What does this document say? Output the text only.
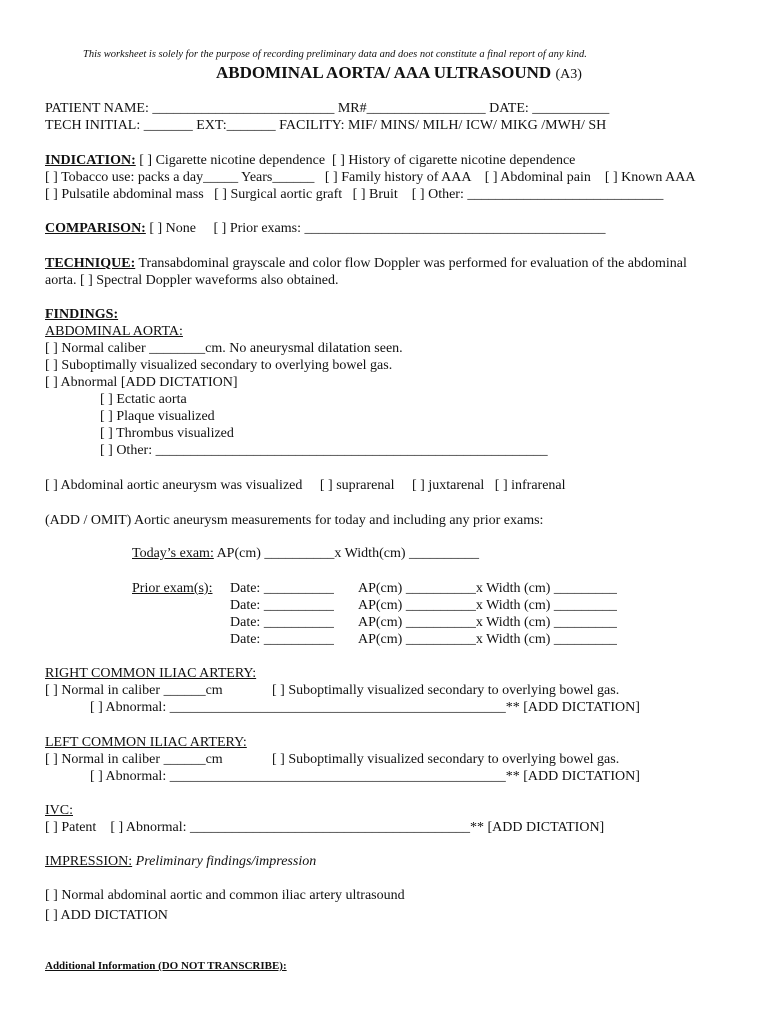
This worksheet is solely for the purpose of recording preliminary data and does not constitute a final report of any kind.
ABDOMINAL AORTA/ AAA ULTRASOUND (A3)
PATIENT NAME: __________________________ MR#_________________ DATE: ___________
TECH INITIAL: _______ EXT:_______ FACILITY: MIF/ MINS/ MILH/ ICW/ MIKG /MWH/ SH
INDICATION: [ ] Cigarette nicotine dependence  [ ] History of cigarette nicotine dependence
[ ] Tobacco use: packs a day_____ Years______   [ ] Family history of AAA    [ ] Abdominal pain    [ ] Known AAA
[ ] Pulsatile abdominal mass   [ ] Surgical aortic graft   [ ] Bruit    [ ] Other: ____________________________
COMPARISON: [ ] None     [ ] Prior exams: ___________________________________________
TECHNIQUE: Transabdominal grayscale and color flow Doppler was performed for evaluation of the abdominal
aorta. [ ] Spectral Doppler waveforms also obtained.
FINDINGS:
ABDOMINAL AORTA:
[ ] Normal caliber ________cm. No aneurysmal dilatation seen.
[ ] Suboptimally visualized secondary to overlying bowel gas.
[ ] Abnormal [ADD DICTATION]
[ ] Ectatic aorta
[ ] Plaque visualized
[ ] Thrombus visualized
[ ] Other: ________________________________________________________
[ ] Abdominal aortic aneurysm was visualized     [ ] suprarenal     [ ] juxtarenal   [ ] infrarenal
(ADD / OMIT) Aortic aneurysm measurements for today and including any prior exams:
Today’s exam: AP(cm) __________x Width(cm) __________
Prior exam(s): Date: __________ AP(cm) __________x Width (cm) _________
Date: __________ AP(cm) __________x Width (cm) _________
Date: __________ AP(cm) __________x Width (cm) _________
Date: __________ AP(cm) __________x Width (cm) _________
RIGHT COMMON ILIAC ARTERY:
[ ] Normal in caliber ______cm	[ ] Suboptimally visualized secondary to overlying bowel gas.
[ ] Abnormal: ________________________________________________** [ADD DICTATION]
LEFT COMMON ILIAC ARTERY:
[ ] Normal in caliber ______cm	[ ] Suboptimally visualized secondary to overlying bowel gas.
[ ] Abnormal: ________________________________________________** [ADD DICTATION]
IVC:
[ ] Patent    [ ] Abnormal: ________________________________________** [ADD DICTATION]
IMPRESSION: Preliminary findings/impression
[ ] Normal abdominal aortic and common iliac artery ultrasound
[ ] ADD DICTATION
Additional Information (DO NOT TRANSCRIBE):
